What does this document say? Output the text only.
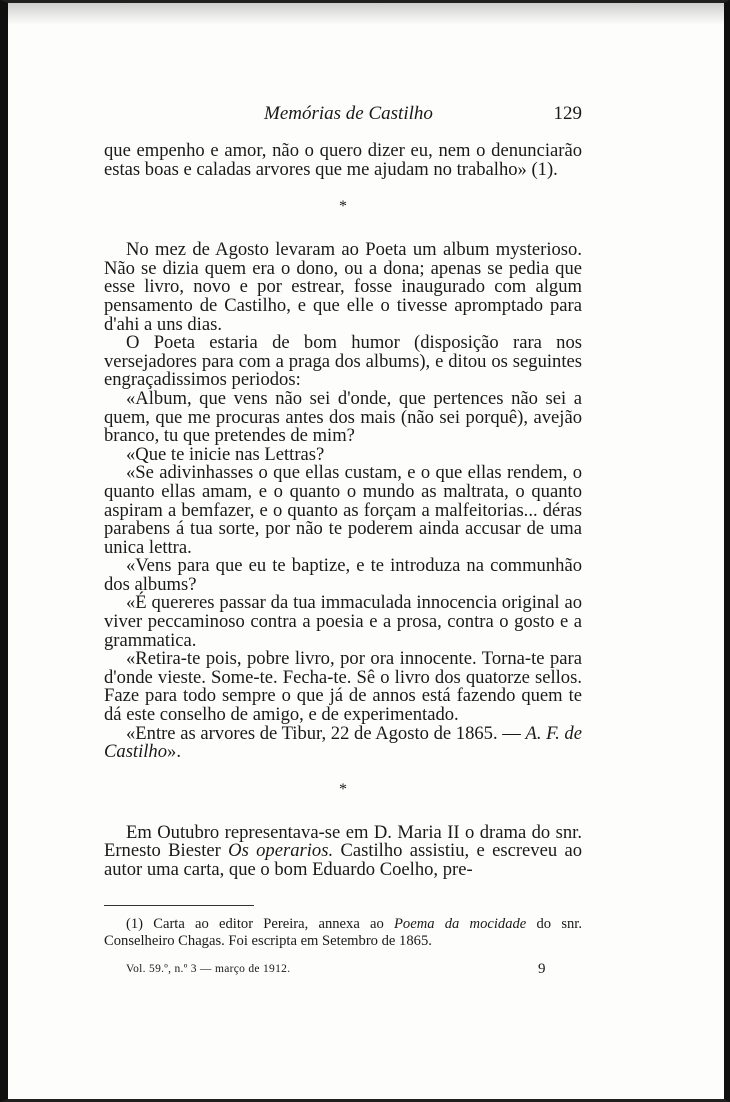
Memórias de Castilho	129

que empenho e amor, não o quero dizer eu, nem o denunciarão estas boas e caladas arvores que me ajudam no trabalho» (1).

*

No mez de Agosto levaram ao Poeta um album mysterioso. Não se dizia quem era o dono, ou a dona; apenas se pedia que esse livro, novo e por estrear, fosse inaugurado com algum pensamento de Castilho, e que elle o tivesse apromptado para d'ahi a uns dias.

O Poeta estaria de bom humor (disposição rara nos versejadores para com a praga dos albums), e ditou os seguintes engraçadissimos periodos:

«Album, que vens não sei d'onde, que pertences não sei a quem, que me procuras antes dos mais (não sei porquê), avejão branco, tu que pretendes de mim?

«Que te inicie nas Lettras?

«Se adivinhasses o que ellas custam, e o que ellas rendem, o quanto ellas amam, e o quanto o mundo as maltrata, o quanto aspiram a bemfazer, e o quanto as forçam a malfeitorias... déras parabens á tua sorte, por não te poderem ainda accusar de uma unica lettra.

«Vens para que eu te baptize, e te introduza na communhão dos albums?

«É quereres passar da tua immaculada innocencia original ao viver peccaminoso contra a poesia e a prosa, contra o gosto e a grammatica.

«Retira-te pois, pobre livro, por ora innocente. Torna-te para d'onde vieste. Some-te. Fecha-te. Sê o livro dos quatorze sellos. Faze para todo sempre o que já de annos está fazendo quem te dá este conselho de amigo, e de experimentado.

«Entre as arvores de Tibur, 22 de Agosto de 1865. — A. F. de Castilho».

*

Em Outubro representava-se em D. Maria II o drama do snr. Ernesto Biester Os operarios. Castilho assistiu, e escreveu ao autor uma carta, que o bom Eduardo Coelho, pre-

(1) Carta ao editor Pereira, annexa ao Poema da mocidade do snr. Conselheiro Chagas. Foi escripta em Setembro de 1865.

Vol. 59.º, n.º 3 — março de 1912.	9
